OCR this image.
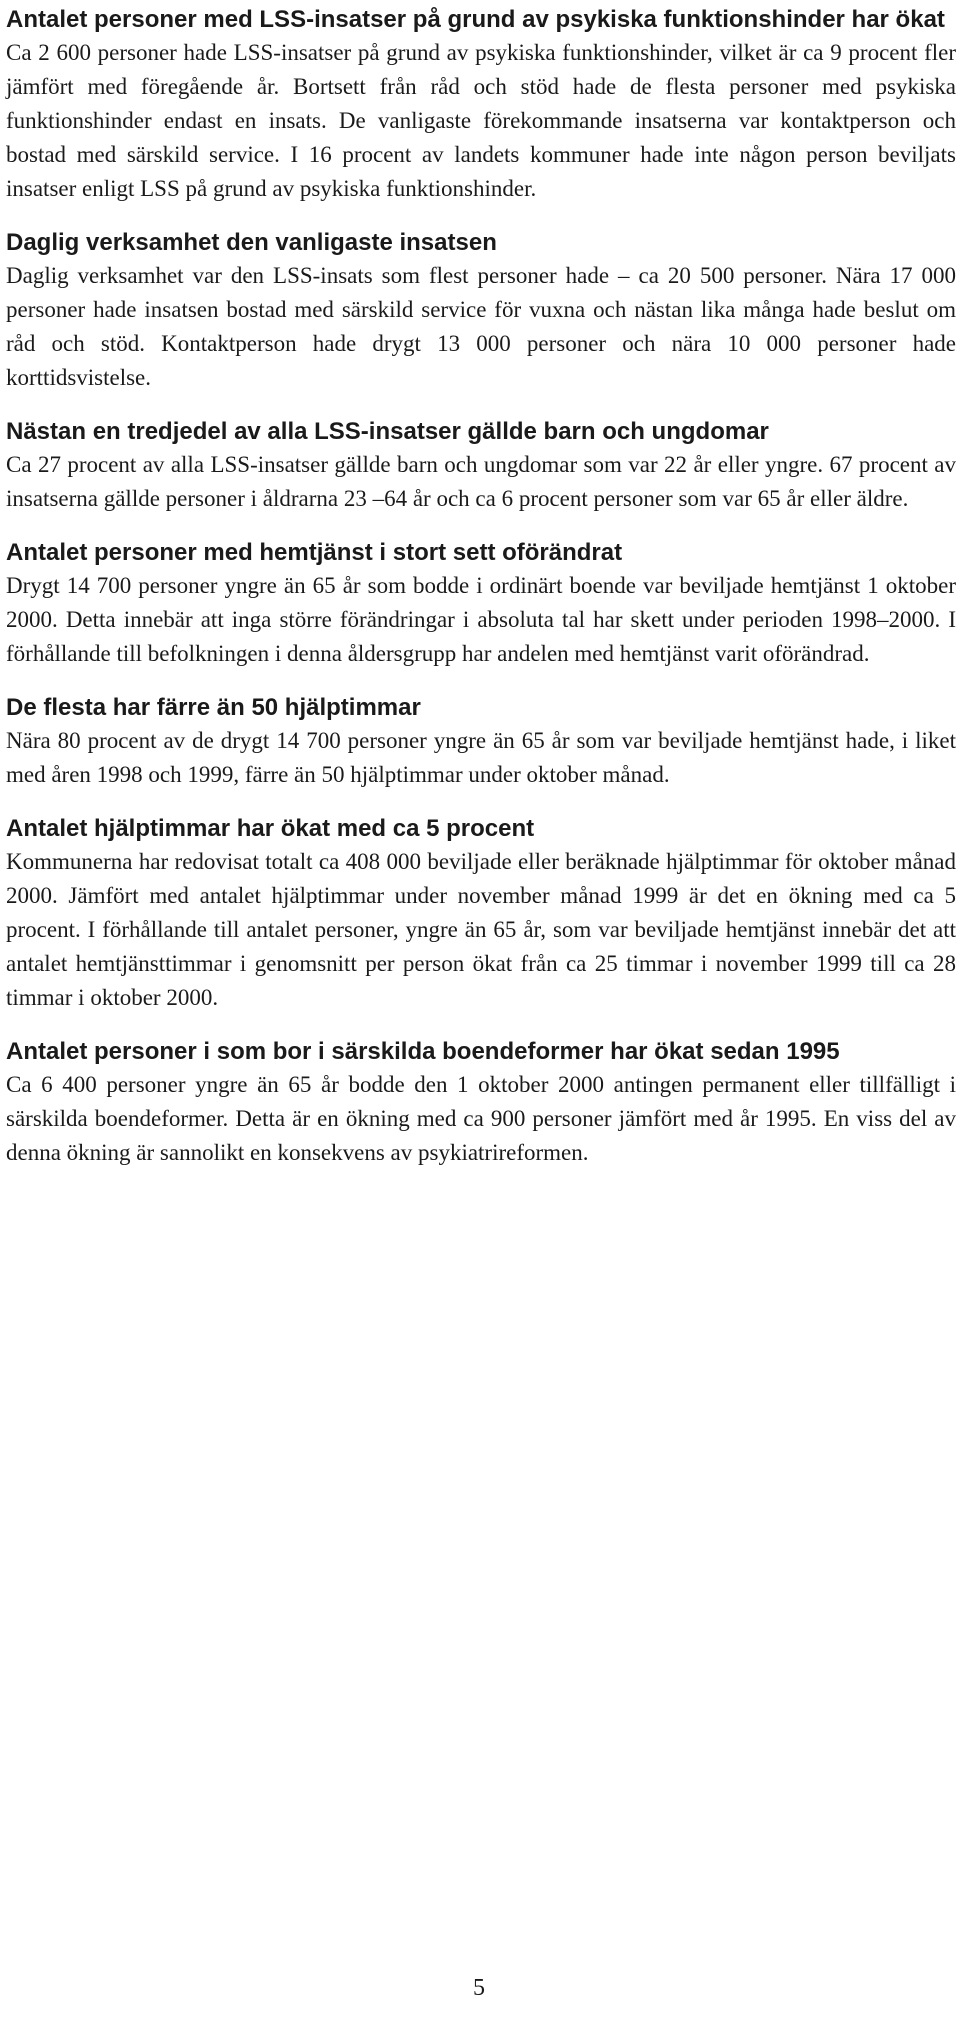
Antalet personer med LSS-insatser på grund av psykiska funktionshinder har ökat

Ca 2 600 personer hade LSS-insatser på grund av psykiska funktionshinder, vilket är ca 9 procent fler jämfört med föregående år. Bortsett från råd och stöd hade de flesta personer med psykiska funktionshinder endast en insats. De vanligaste förekommande insatserna var kontaktperson och bostad med särskild service. I 16 procent av landets kommuner hade inte någon person beviljats insatser enligt LSS på grund av psykiska funktionshinder.

Daglig verksamhet den vanligaste insatsen

Daglig verksamhet var den LSS-insats som flest personer hade – ca 20 500 personer. Nära 17 000 personer hade insatsen bostad med särskild service för vuxna och nästan lika många hade beslut om råd och stöd. Kontaktperson hade drygt 13 000 personer och nära 10 000 personer hade korttidsvistelse.

Nästan en tredjedel av alla LSS-insatser gällde barn och ungdomar

Ca 27 procent av alla LSS-insatser gällde barn och ungdomar som var 22 år eller yngre. 67 procent av insatserna gällde personer i åldrarna 23 –64 år och ca 6 procent personer som var 65 år eller äldre.

Antalet personer med hemtjänst i stort sett oförändrat

Drygt 14 700 personer yngre än 65 år som bodde i ordinärt boende var beviljade hemtjänst 1 oktober 2000. Detta innebär att inga större förändringar i absoluta tal har skett under perioden 1998–2000. I förhållande till befolkningen i denna åldersgrupp har andelen med hemtjänst varit oförändrad.

De flesta har färre än 50 hjälptimmar

Nära 80 procent av de drygt 14 700 personer yngre än 65 år som var beviljade hemtjänst hade, i liket med åren 1998 och 1999, färre än 50 hjälptimmar under oktober månad.

Antalet hjälptimmar har ökat med ca 5 procent

Kommunerna har redovisat totalt ca 408 000 beviljade eller beräknade hjälptimmar för oktober månad 2000. Jämfört med antalet hjälptimmar under november månad 1999 är det en ökning med ca 5 procent. I förhållande till antalet personer, yngre än 65 år, som var beviljade hemtjänst innebär det att antalet hemtjänsttimmar i genomsnitt per person ökat från ca 25 timmar i november 1999 till ca 28 timmar i oktober 2000.

Antalet personer i som bor i särskilda boendeformer har ökat sedan 1995

Ca 6 400 personer yngre än 65 år bodde den 1 oktober 2000 antingen permanent eller tillfälligt i särskilda boendeformer. Detta är en ökning med ca 900 personer jämfört med år 1995. En viss del av denna ökning är sannolikt en konsekvens av psykiatrireformen.

5
